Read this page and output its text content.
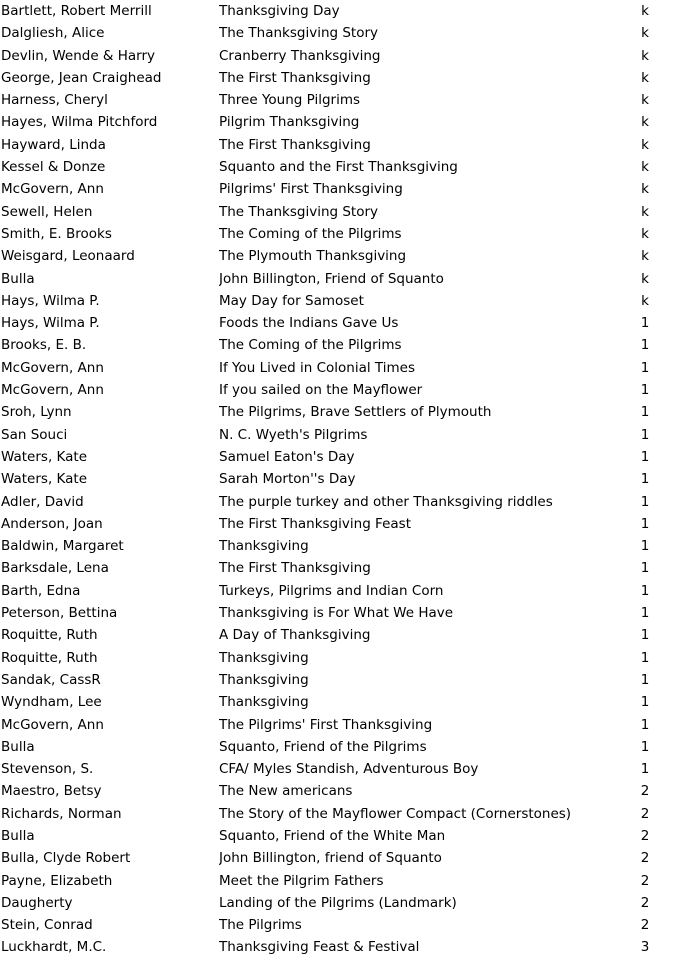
Bartlett, Robert Merrill	Thanksgiving Day	k
Dalgliesh, Alice	The Thanksgiving Story	k
Devlin, Wende & Harry	Cranberry Thanksgiving	k
George, Jean Craighead	The First Thanksgiving	k
Harness, Cheryl	Three Young Pilgrims	k
Hayes, Wilma Pitchford	Pilgrim Thanksgiving	k
Hayward, Linda	The First Thanksgiving	k
Kessel & Donze	Squanto and the First Thanksgiving	k
McGovern, Ann	Pilgrims' First Thanksgiving	k
Sewell, Helen	The Thanksgiving Story	k
Smith, E. Brooks	The Coming of the Pilgrims	k
Weisgard, Leonaard	The Plymouth Thanksgiving	k
Bulla	John Billington, Friend of Squanto	k
Hays, Wilma P.	May Day for Samoset	k
Hays, Wilma P.	Foods the Indians Gave Us	1
Brooks, E. B.	The Coming of the Pilgrims	1
McGovern, Ann	If You Lived in Colonial Times	1
McGovern, Ann	If you sailed on the Mayflower	1
Sroh, Lynn	The Pilgrims, Brave Settlers of Plymouth	1
San Souci	N. C. Wyeth's Pilgrims	1
Waters, Kate	Samuel Eaton's Day	1
Waters, Kate	Sarah Morton''s Day	1
Adler, David	The purple turkey and other Thanksgiving riddles	1
Anderson, Joan	The First Thanksgiving Feast	1
Baldwin, Margaret	Thanksgiving	1
Barksdale, Lena	The First Thanksgiving	1
Barth, Edna	Turkeys, Pilgrims and Indian Corn	1
Peterson, Bettina	Thanksgiving is For What We Have	1
Roquitte, Ruth	A Day of Thanksgiving	1
Roquitte, Ruth	Thanksgiving	1
Sandak, CassR	Thanksgiving	1
Wyndham, Lee	Thanksgiving	1
McGovern, Ann	The Pilgrims' First Thanksgiving	1
Bulla	Squanto, Friend of the Pilgrims	1
Stevenson, S.	CFA/ Myles Standish, Adventurous Boy	1
Maestro, Betsy	The New americans	2
Richards, Norman	The Story of the Mayflower Compact (Cornerstones)	2
Bulla	Squanto, Friend of the White Man	2
Bulla, Clyde Robert	John Billington, friend of Squanto	2
Payne, Elizabeth	Meet the Pilgrim Fathers	2
Daugherty	Landing of the Pilgrims (Landmark)	2
Stein, Conrad	The Pilgrims	2
Luckhardt, M.C.	Thanksgiving Feast & Festival	3
